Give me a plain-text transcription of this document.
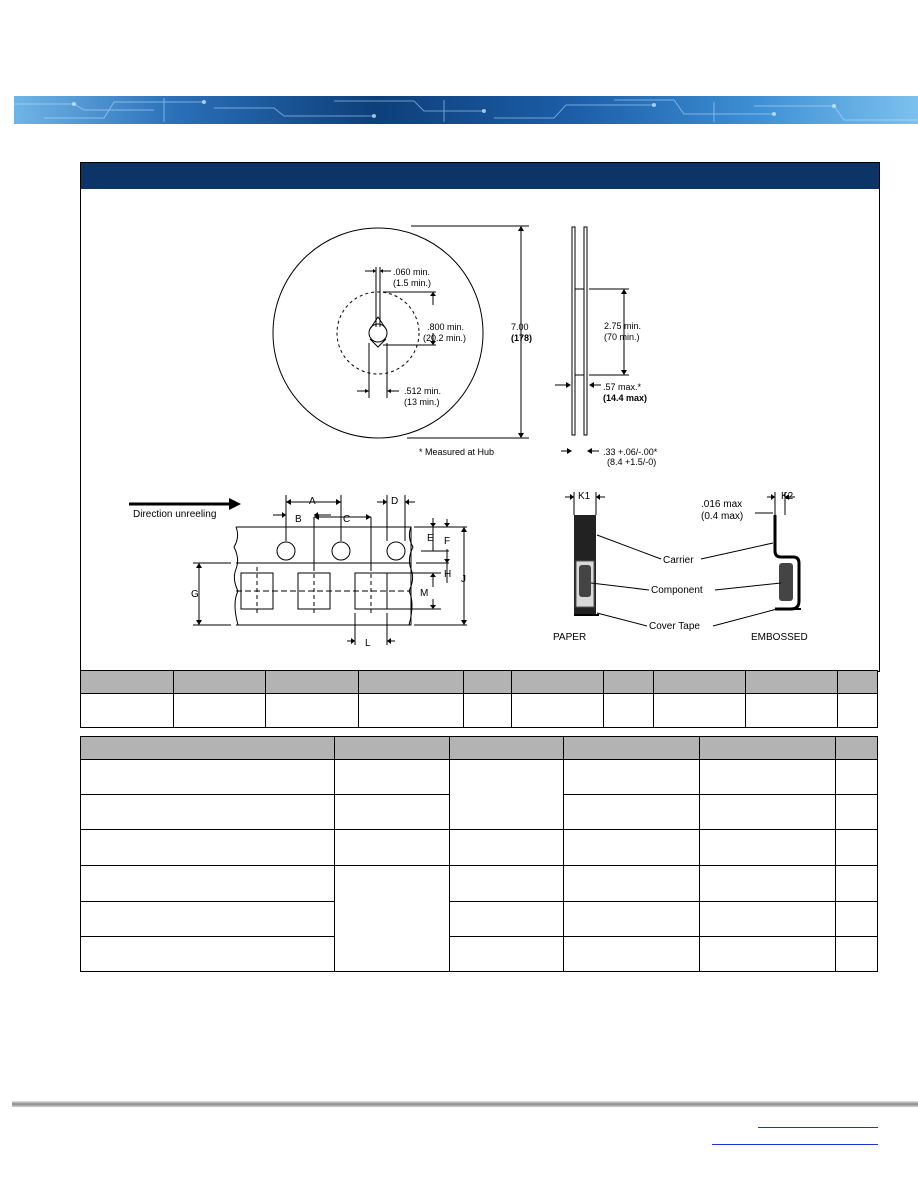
.060 min.
(1.5 min.)
.800 min.
(20.2 min.)
.512 min.
(13 min.)
7.00
(178)
2.75 min.
(70 min.)
.57 max.*
(14.4 max)
.33 +.06/-.00*
(8.4 +1.5/-0)
* Measured at Hub
Direction unreeling
A
B	C
D
E F
H J
M
G
L
K1
PAPER
K2
.016 max
(0.4 max)
EMBOSSED
Carrier
Component
Cover Tape
